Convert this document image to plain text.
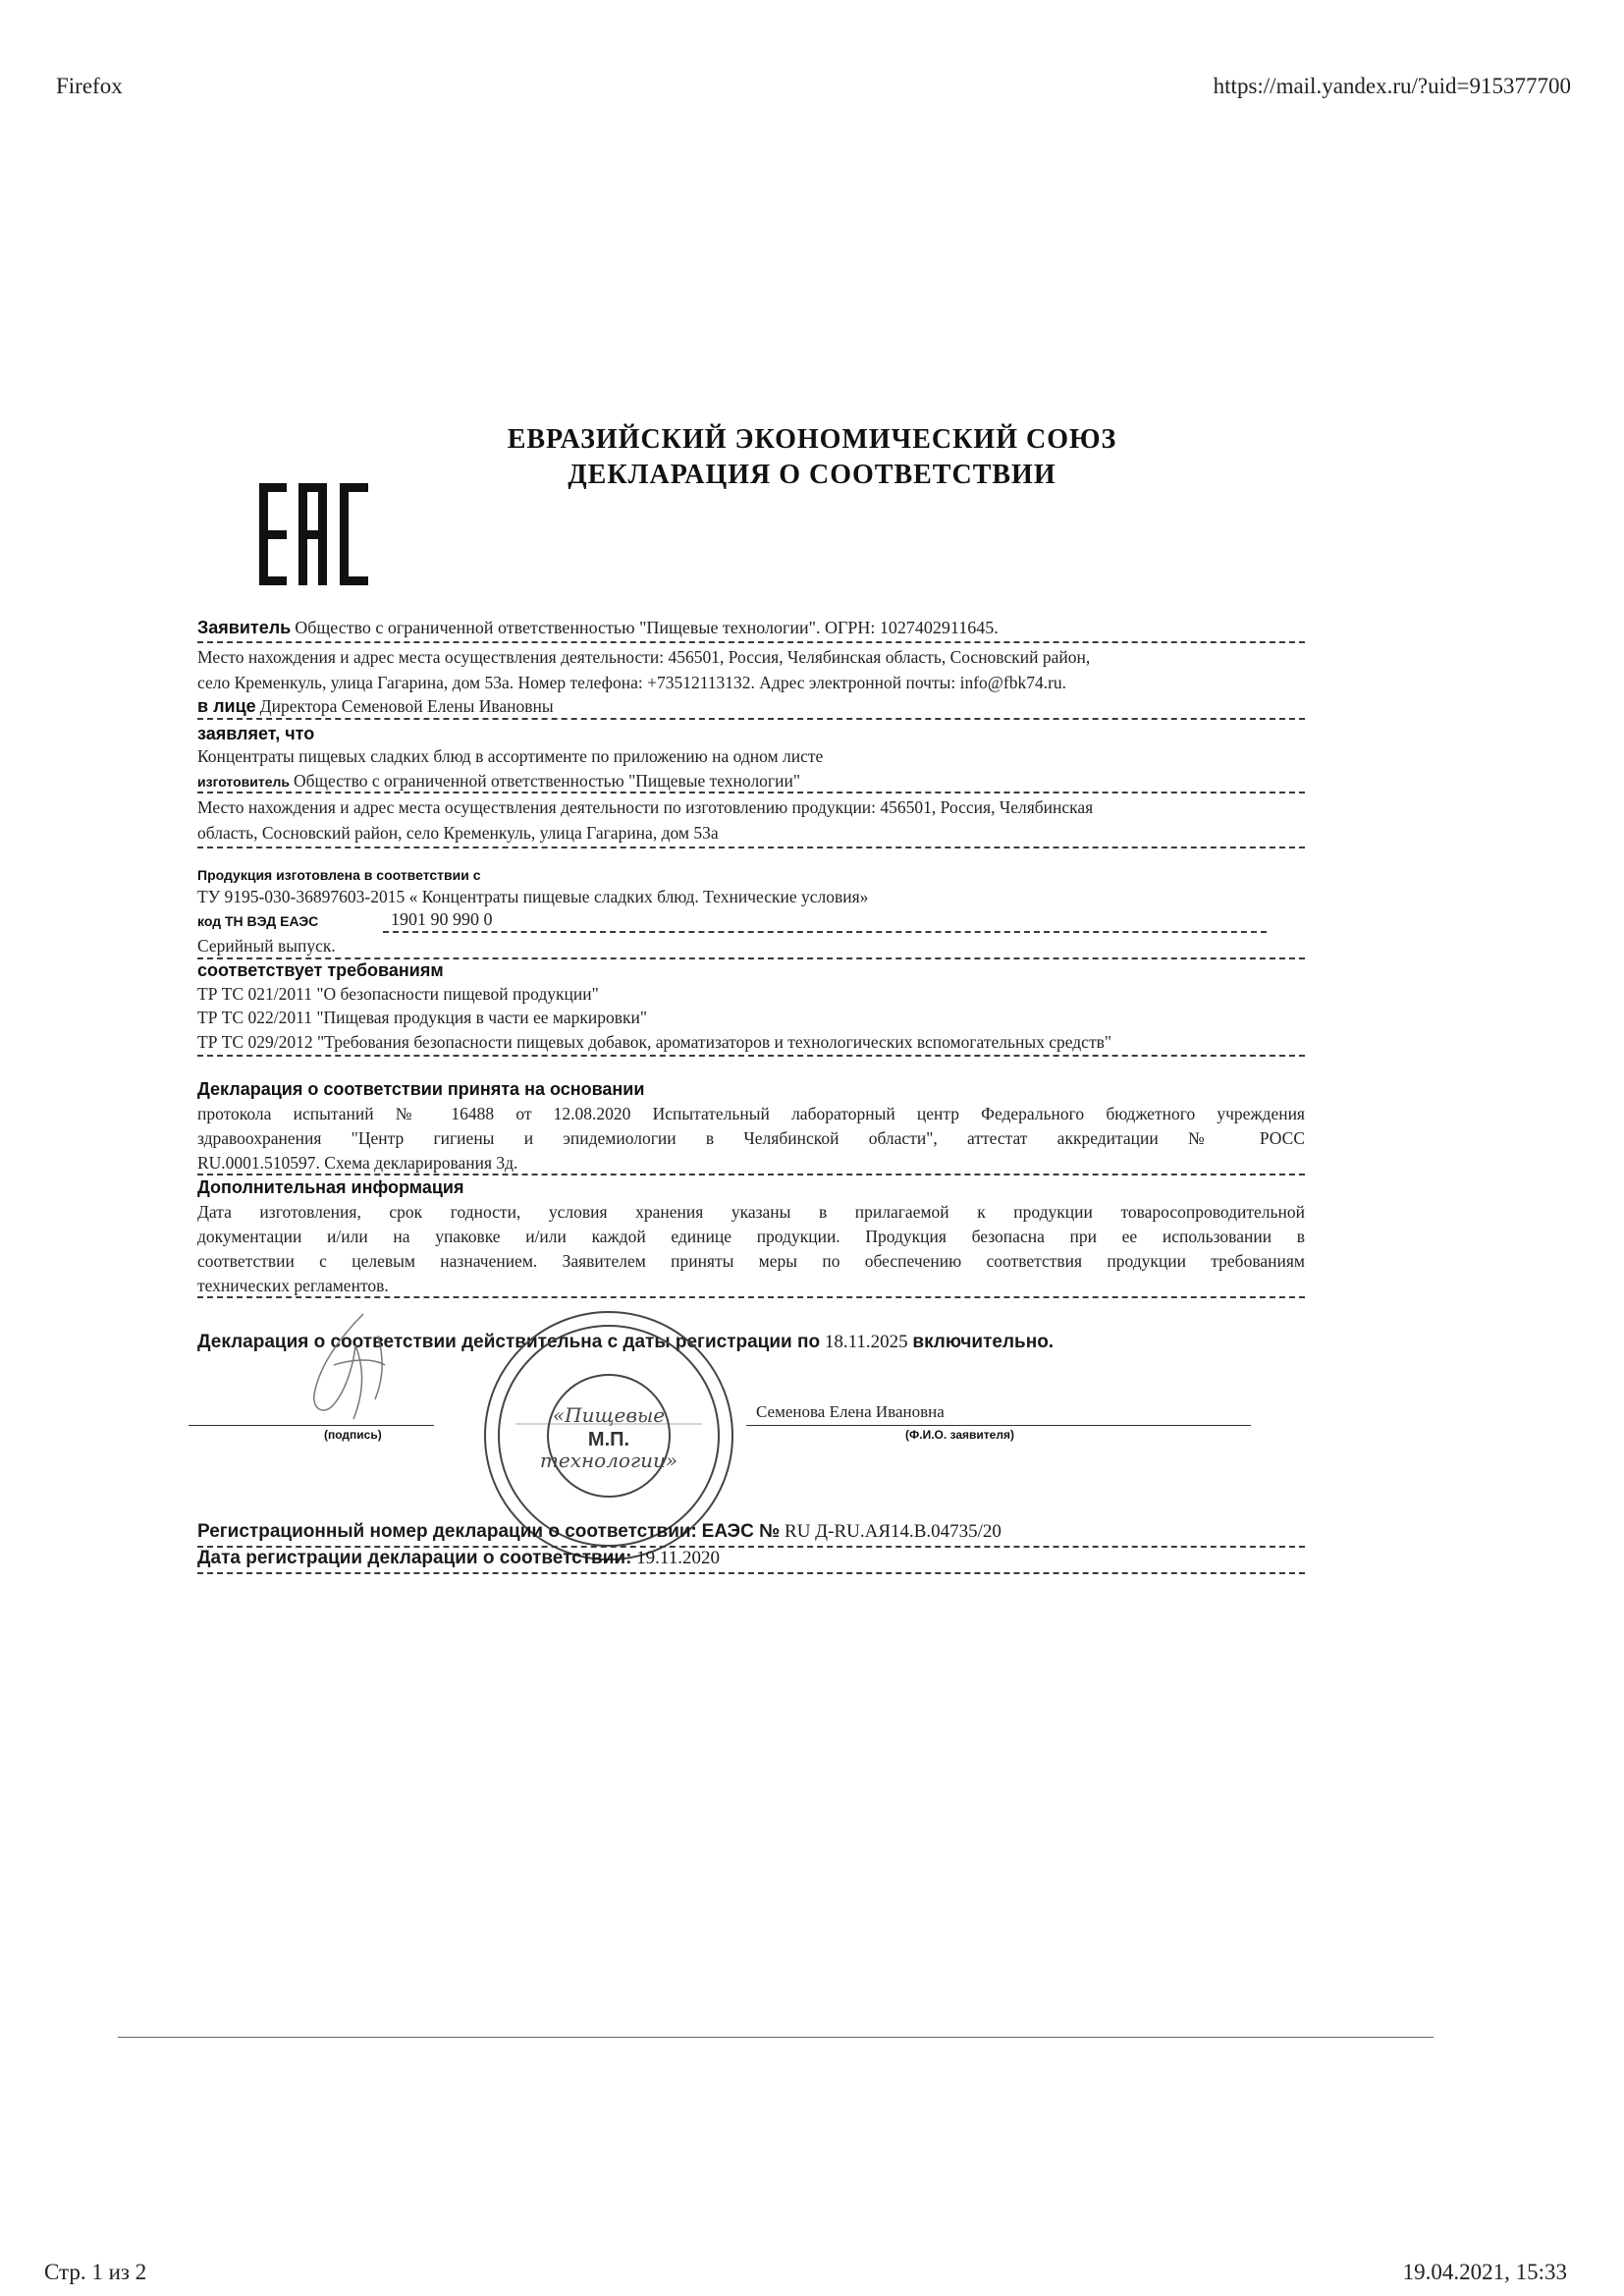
Firefox	https://mail.yandex.ru/?uid=915377700
Стр. 1 из 2	19.04.2021, 15:33
ЕВРАЗИЙСКИЙ ЭКОНОМИЧЕСКИЙ СОЮЗ
ДЕКЛАРАЦИЯ О СООТВЕТСТВИИ
Заявитель Общество с ограниченной ответственностью "Пищевые технологии". ОГРН: 1027402911645.
Место нахождения и адрес места осуществления деятельности: 456501, Россия, Челябинская область, Сосновский район,
село Кременкуль, улица Гагарина, дом 53а. Номер телефона: +73512113132. Адрес электронной почты: info@fbk74.ru.
в лице Директора Семеновой Елены Ивановны
заявляет, что
Концентраты пищевых сладких блюд в ассортименте по приложению на одном листе
изготовитель Общество с ограниченной ответственностью "Пищевые технологии"
Место нахождения и адрес места осуществления деятельности по изготовлению продукции: 456501, Россия, Челябинская
область, Сосновский район, село Кременкуль, улица Гагарина, дом 53а
Продукция изготовлена в соответствии с
ТУ 9195-030-36897603-2015 « Концентраты пищевые сладких блюд. Технические условия»
код ТН ВЭД ЕАЭС	1901 90 990 0
Серийный выпуск.
соответствует требованиям
ТР ТС 021/2011 "О безопасности пищевой продукции"
ТР ТС 022/2011 "Пищевая продукция в части ее маркировки"
ТР ТС 029/2012 "Требования безопасности пищевых добавок, ароматизаторов и технологических вспомогательных средств"
Декларация о соответствии принята на основании
протокола испытаний № 16488 от 12.08.2020 Испытательный лабораторный центр Федерального бюджетного учреждения
здравоохранения "Центр гигиены и эпидемиологии в Челябинской области", аттестат аккредитации № РОСС
RU.0001.510597. Схема декларирования 3д.
Дополнительная информация
Дата изготовления, срок годности, условия хранения указаны в прилагаемой к продукции товаросопроводительной
документации и/или на упаковке и/или каждой единице продукции. Продукция безопасна при ее использовании в
соответствии с целевым назначением. Заявителем приняты меры по обеспечению соответствия продукции требованиям
технических регламентов.
Декларация о соответствии действительна с даты регистрации по 18.11.2025 включительно.
Семенова Елена Ивановна
(подпись)	(Ф.И.О. заявителя)
«Пищевые
М.П.
технологии»
Регистрационный номер декларации о соответствии: ЕАЭС № RU Д-RU.АЯ14.В.04735/20
Дата регистрации декларации о соответствии: 19.11.2020
